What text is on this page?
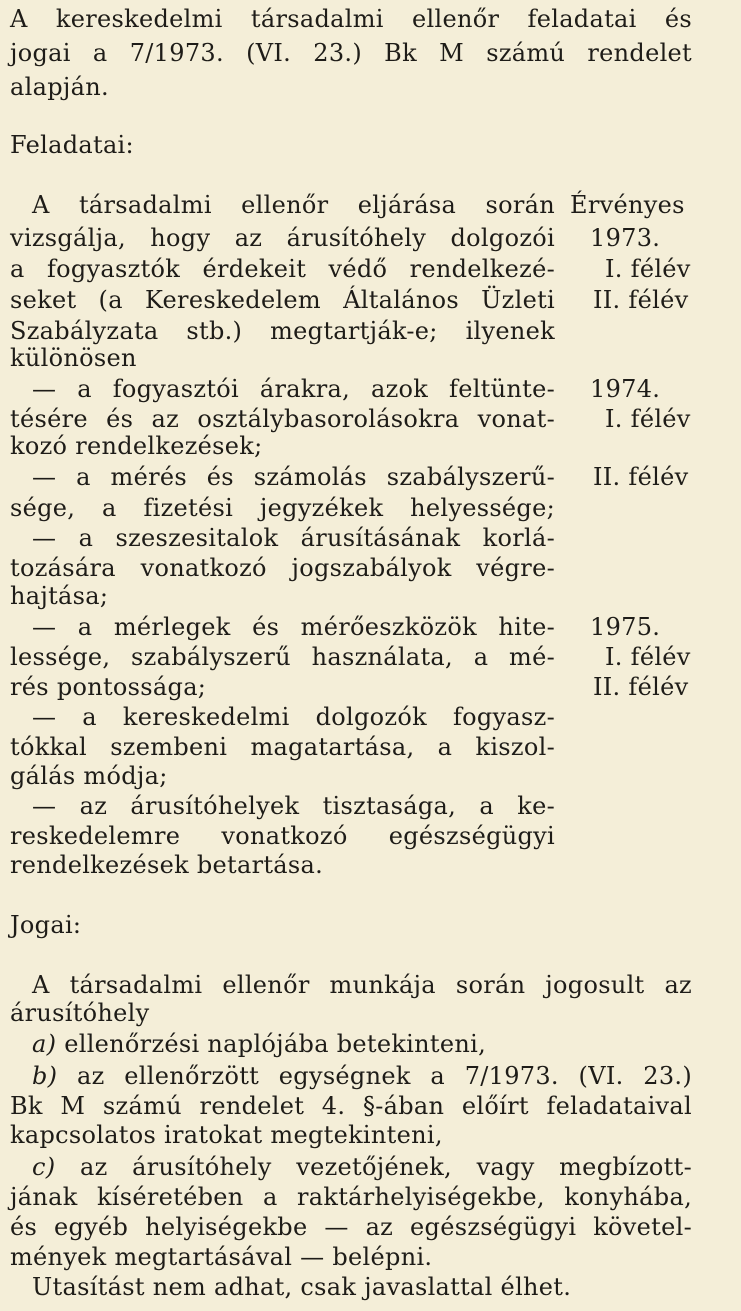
A kereskedelmi társadalmi ellenőr feladatai és
jogai a 7/1973. (VI. 23.) Bk M számú rendelet
alapján.
Feladatai:
A társadalmi ellenőr eljárása során
vizsgálja, hogy az árusítóhely dolgozói
a fogyasztók érdekeit védő rendelkezé-
seket (a Kereskedelem Általános Üzleti
Szabályzata stb.) megtartják-e; ilyenek
különösen
— a fogyasztói árakra, azok feltünte-
tésére és az osztálybasorolásokra vonat-
kozó rendelkezések;
— a mérés és számolás szabályszerű-
sége, a fizetési jegyzékek helyessége;
— a szeszesitalok árusításának korlá-
tozására vonatkozó jogszabályok végre-
hajtása;
— a mérlegek és mérőeszközök hite-
lessége, szabályszerű használata, a mé-
rés pontossága;
— a kereskedelmi dolgozók fogyasz-
tókkal szembeni magatartása, a kiszol-
gálás módja;
— az árusítóhelyek tisztasága, a ke-
reskedelemre vonatkozó egészségügyi
rendelkezések betartása.
Érvényes
1973.
I. félév
II. félév
1974.
I. félév
II. félév
1975.
I. félév
II. félév
Jogai:
A társadalmi ellenőr munkája során jogosult az
árusítóhely
a) ellenőrzési naplójába betekinteni,
b) az ellenőrzött egységnek a 7/1973. (VI. 23.)
Bk M számú rendelet 4. §-ában előírt feladataival
kapcsolatos iratokat megtekinteni,
c) az árusítóhely vezetőjének, vagy megbízott-
jának kíséretében a raktárhelyiségekbe, konyhába,
és egyéb helyiségekbe — az egészségügyi követel-
mények megtartásával — belépni.
Utasítást nem adhat, csak javaslattal élhet.
